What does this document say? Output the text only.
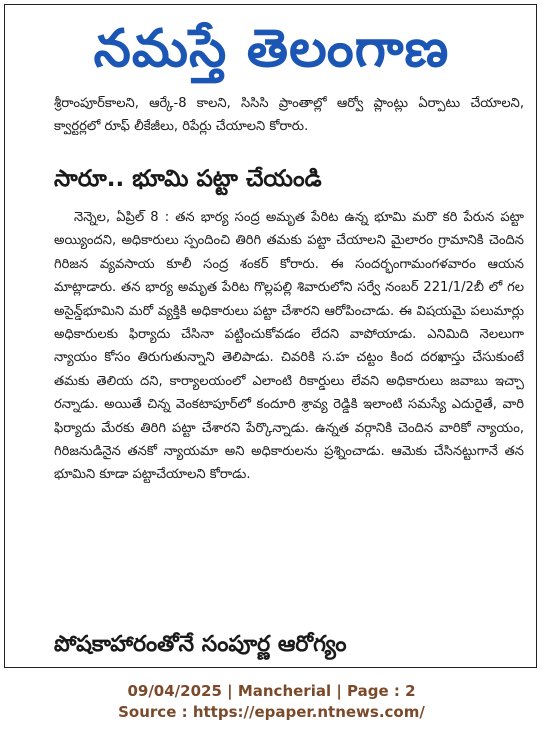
నమస్తే తెలంగాణ
శ్రీరాంపూర్‌కాలని, ఆర్కే-8 కాలని, సిసిసి ప్రాంతాల్లో ఆర్వో ప్లాంట్లు ఏర్పాటు చేయాలని, క్వార్టర్లలో రూఫ్ లీకేజీలు, రిపేర్లు చేయాలని కోరారు.
సారూ.. భూమి పట్టా చేయండి
నెన్నెల, ఏప్రిల్ 8 : తన భార్య సంద్ర అమృత పేరిట ఉన్న భూమి మరొ కరి పేరున పట్టా అయ్యిందని, అధికారులు స్పందించి తిరిగి తమకు పట్టా చేయాలని మైలారం గ్రామానికి చెందిన గిరిజన వ్యవసాయ కూలీ సంద్ర శంకర్ కోరారు. ఈ సందర్భంగామంగళవారం ఆయన మాట్లాడారు. తన భార్య అమృత పేరిట గొల్లపల్లి శివారులోని సర్వే నంబర్ 221/1/2బీ లో గల అసైన్డ్‌భూమిని మరో వ్యక్తికి అధికారులు పట్టా చేశారని ఆరోపించాడు. ఈ విషయమై పలుమార్లు అధికారులకు ఫిర్యాదు చేసినా పట్టించుకోవడం లేదని వాపోయాడు. ఎనిమిది నెలలుగా న్యాయం కోసం తిరుగుతున్నాని తెలిపాడు. చివరికి స.హ చట్టం కింద దరఖాస్తు చేసుకుంటే తమకు తెలియ దని, కార్యాలయంలో ఎలాంటి రికార్డులు లేవని అధికారులు జవాబు ఇచ్చా రన్నాడు. అయితే చిన్న వెంకటాపూర్‌లో కందూరి శ్రావ్య రెడ్డికి ఇలాంటి సమస్యే ఎదురైతే, వారి ఫిర్యాదు మేరకు తిరిగి పట్టా చేశారని పేర్కొన్నాడు. ఉన్నత వర్గానికి చెందిన వారికో న్యాయం, గిరిజనుడినైన తనకో న్యాయమా అని అధికారులను ప్రశ్నించాడు. ఆమెకు చేసినట్టుగానే తన భూమిని కూడా పట్టాచేయాలని కోరాడు.
పోషకాహారంతోనే సంపూర్ణ ఆరోగ్యం
09/04/2025 | Mancherial | Page : 2
Source : https://epaper.ntnews.com/
